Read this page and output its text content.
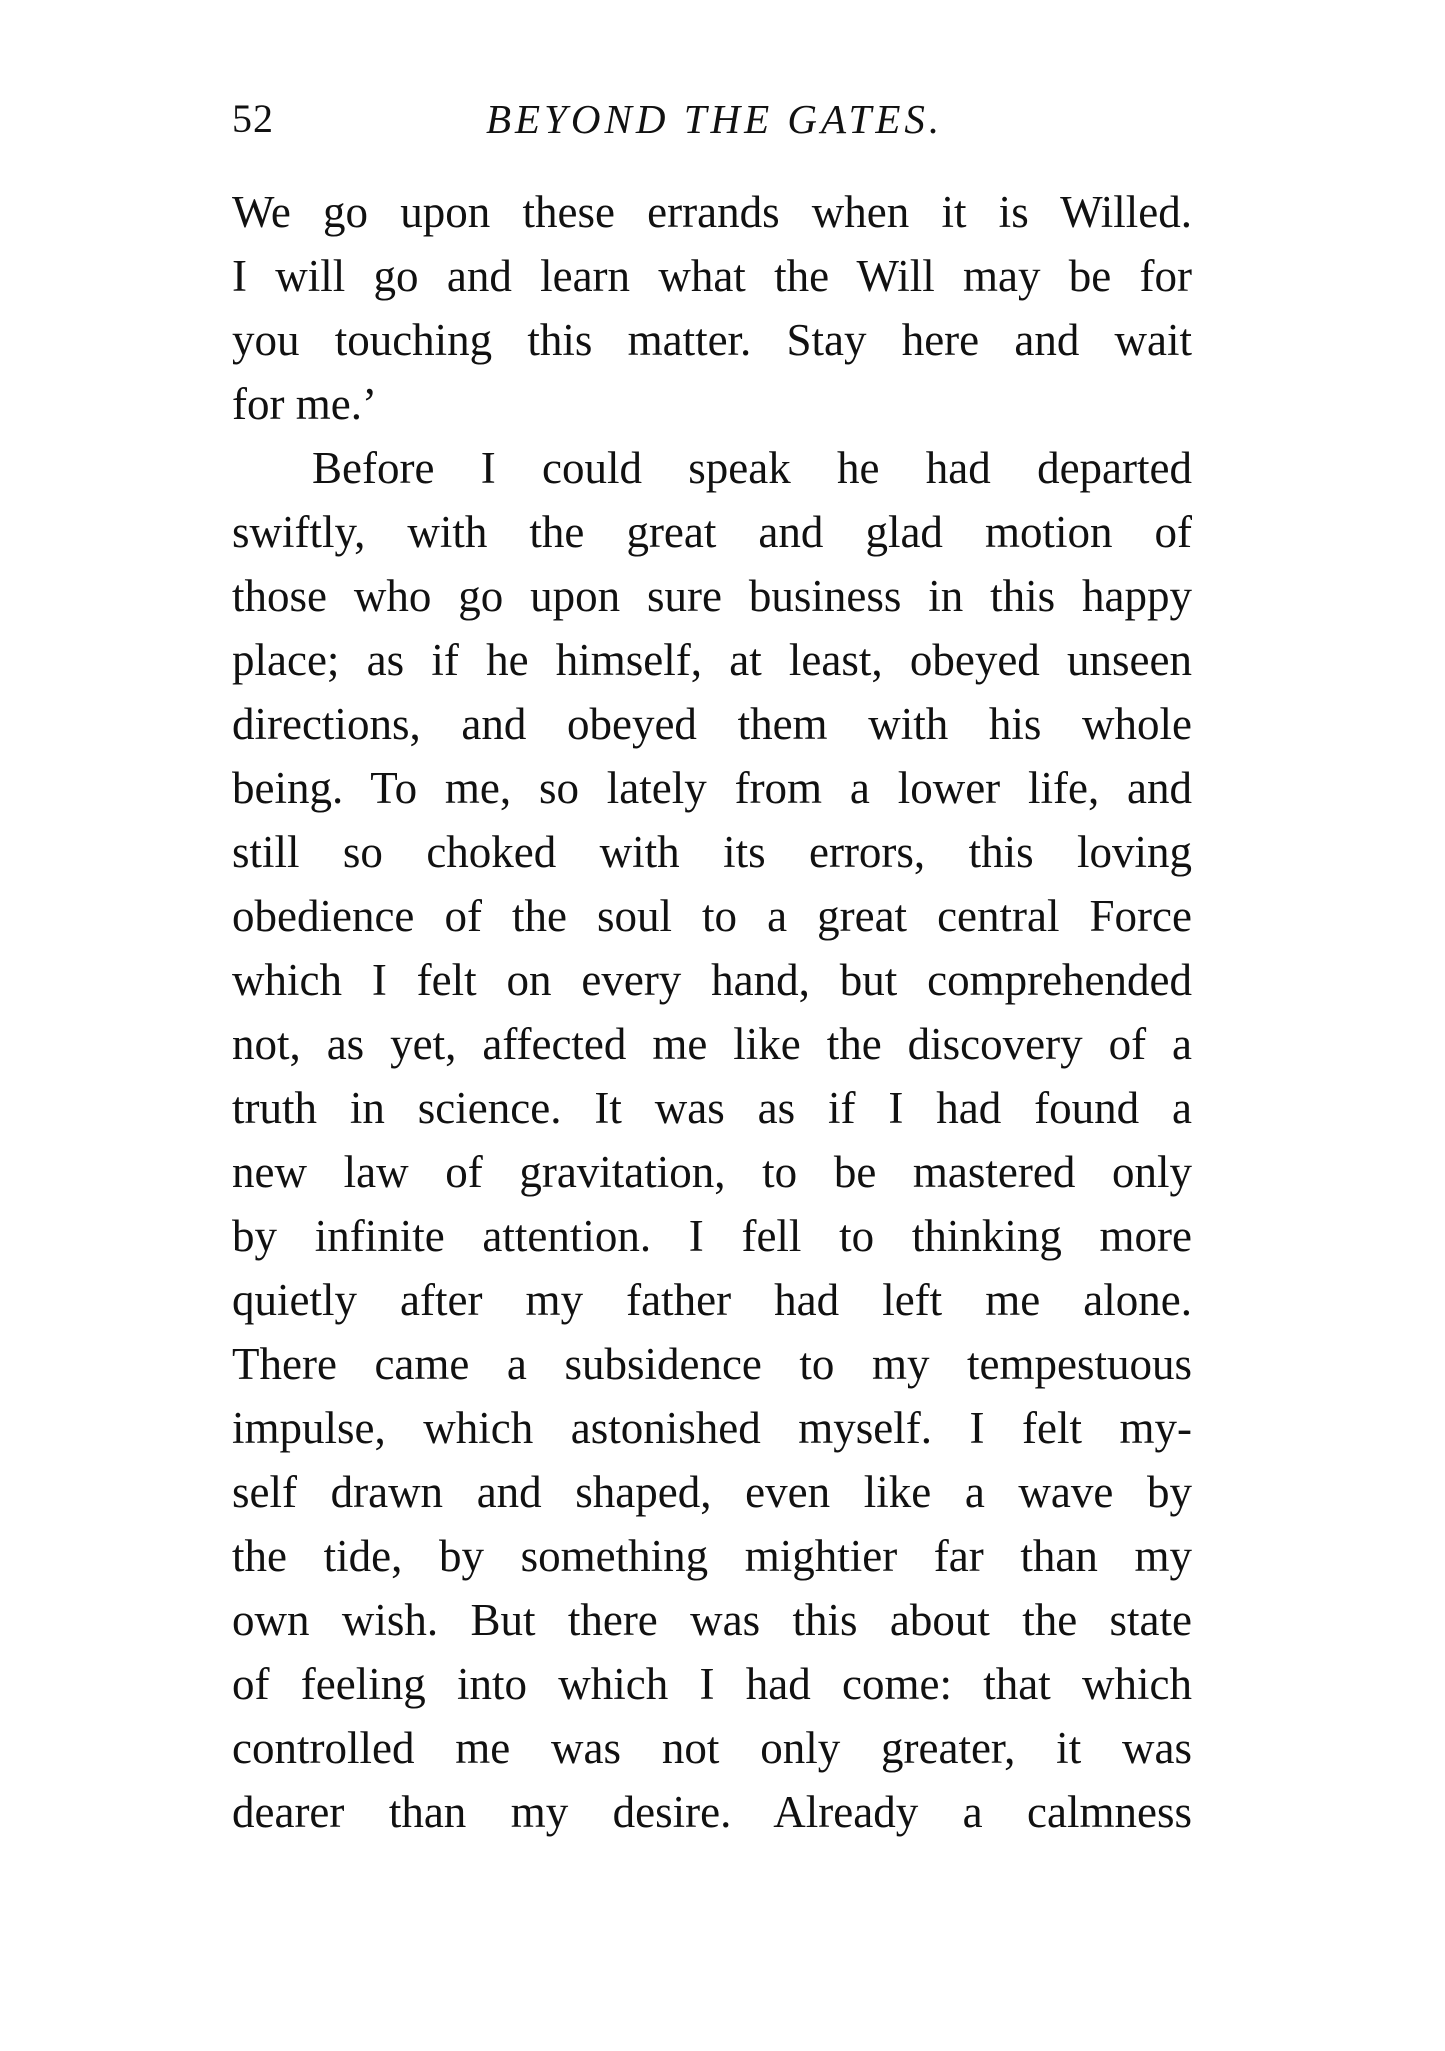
52	BEYOND THE GATES.
We go upon these errands when it is Willed.
I will go and learn what the Will may be for
you touching this matter. Stay here and wait
for me.’
Before I could speak he had departed
swiftly, with the great and glad motion of
those who go upon sure business in this happy
place; as if he himself, at least, obeyed unseen
directions, and obeyed them with his whole
being. To me, so lately from a lower life, and
still so choked with its errors, this loving
obedience of the soul to a great central Force
which I felt on every hand, but comprehended
not, as yet, affected me like the discovery of a
truth in science. It was as if I had found a
new law of gravitation, to be mastered only
by infinite attention. I fell to thinking more
quietly after my father had left me alone.
There came a subsidence to my tempestuous
impulse, which astonished myself. I felt my-
self drawn and shaped, even like a wave by
the tide, by something mightier far than my
own wish. But there was this about the state
of feeling into which I had come: that which
controlled me was not only greater, it was
dearer than my desire. Already a calmness
